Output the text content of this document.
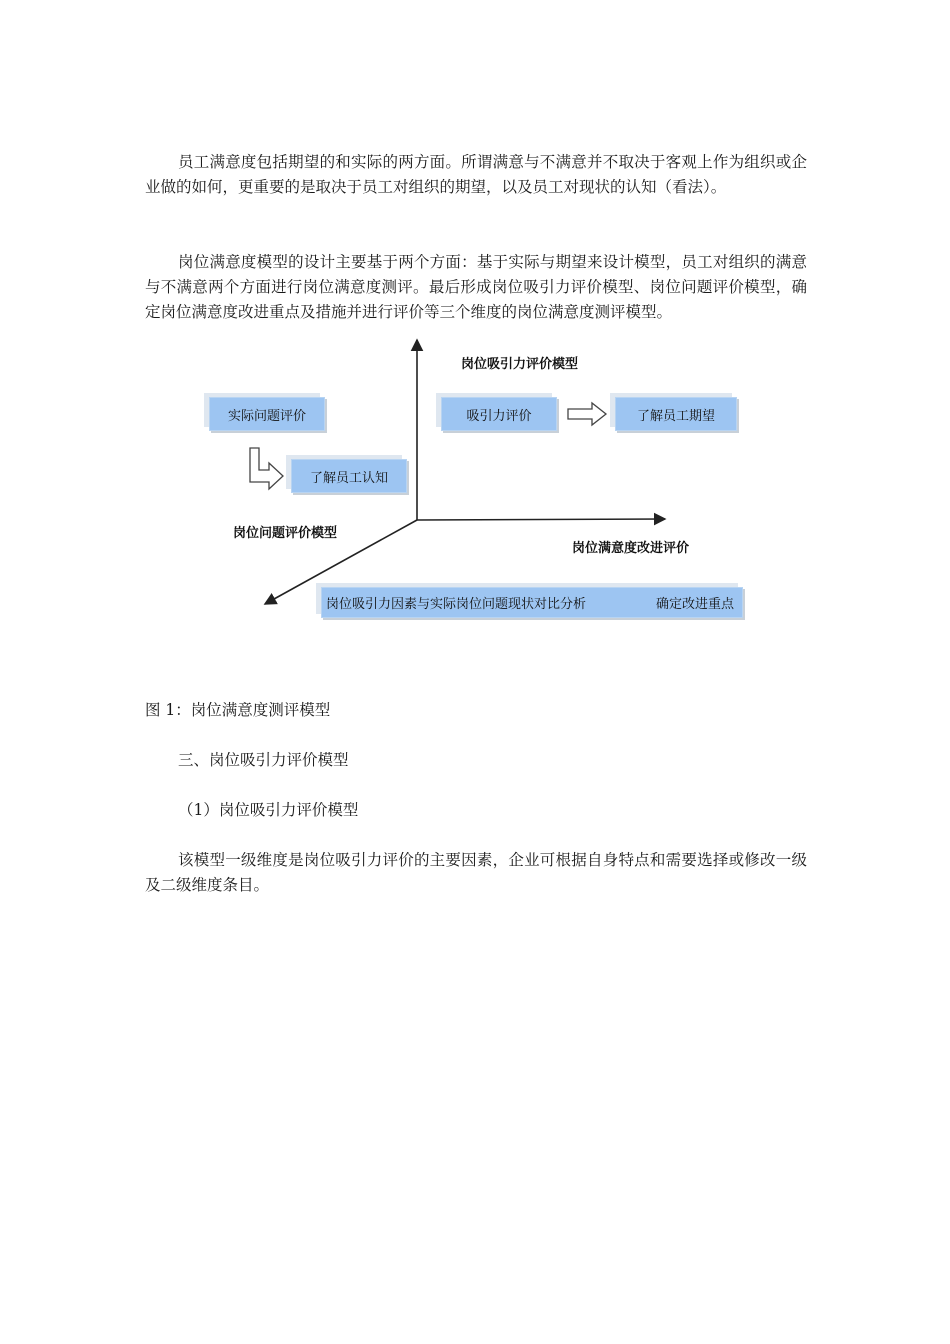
员工满意度包括期望的和实际的两方面。所谓满意与不满意并不取决于客观上作为组织或企业做的如何，更重要的是取决于员工对组织的期望，以及员工对现状的认知（看法）。

岗位满意度模型的设计主要基于两个方面：基于实际与期望来设计模型，员工对组织的满意与不满意两个方面进行岗位满意度测评。最后形成岗位吸引力评价模型、岗位问题评价模型，确定岗位满意度改进重点及措施并进行评价等三个维度的岗位满意度测评模型。

岗位吸引力评价模型
岗位问题评价模型
岗位满意度改进评价
实际问题评价
了解员工认知
吸引力评价	了解员工期望
岗位吸引力因素与实际岗位问题现状对比分析	确定改进重点

图 1：岗位满意度测评模型

三、岗位吸引力评价模型

（1）岗位吸引力评价模型

该模型一级维度是岗位吸引力评价的主要因素，企业可根据自身特点和需要选择或修改一级及二级维度条目。
